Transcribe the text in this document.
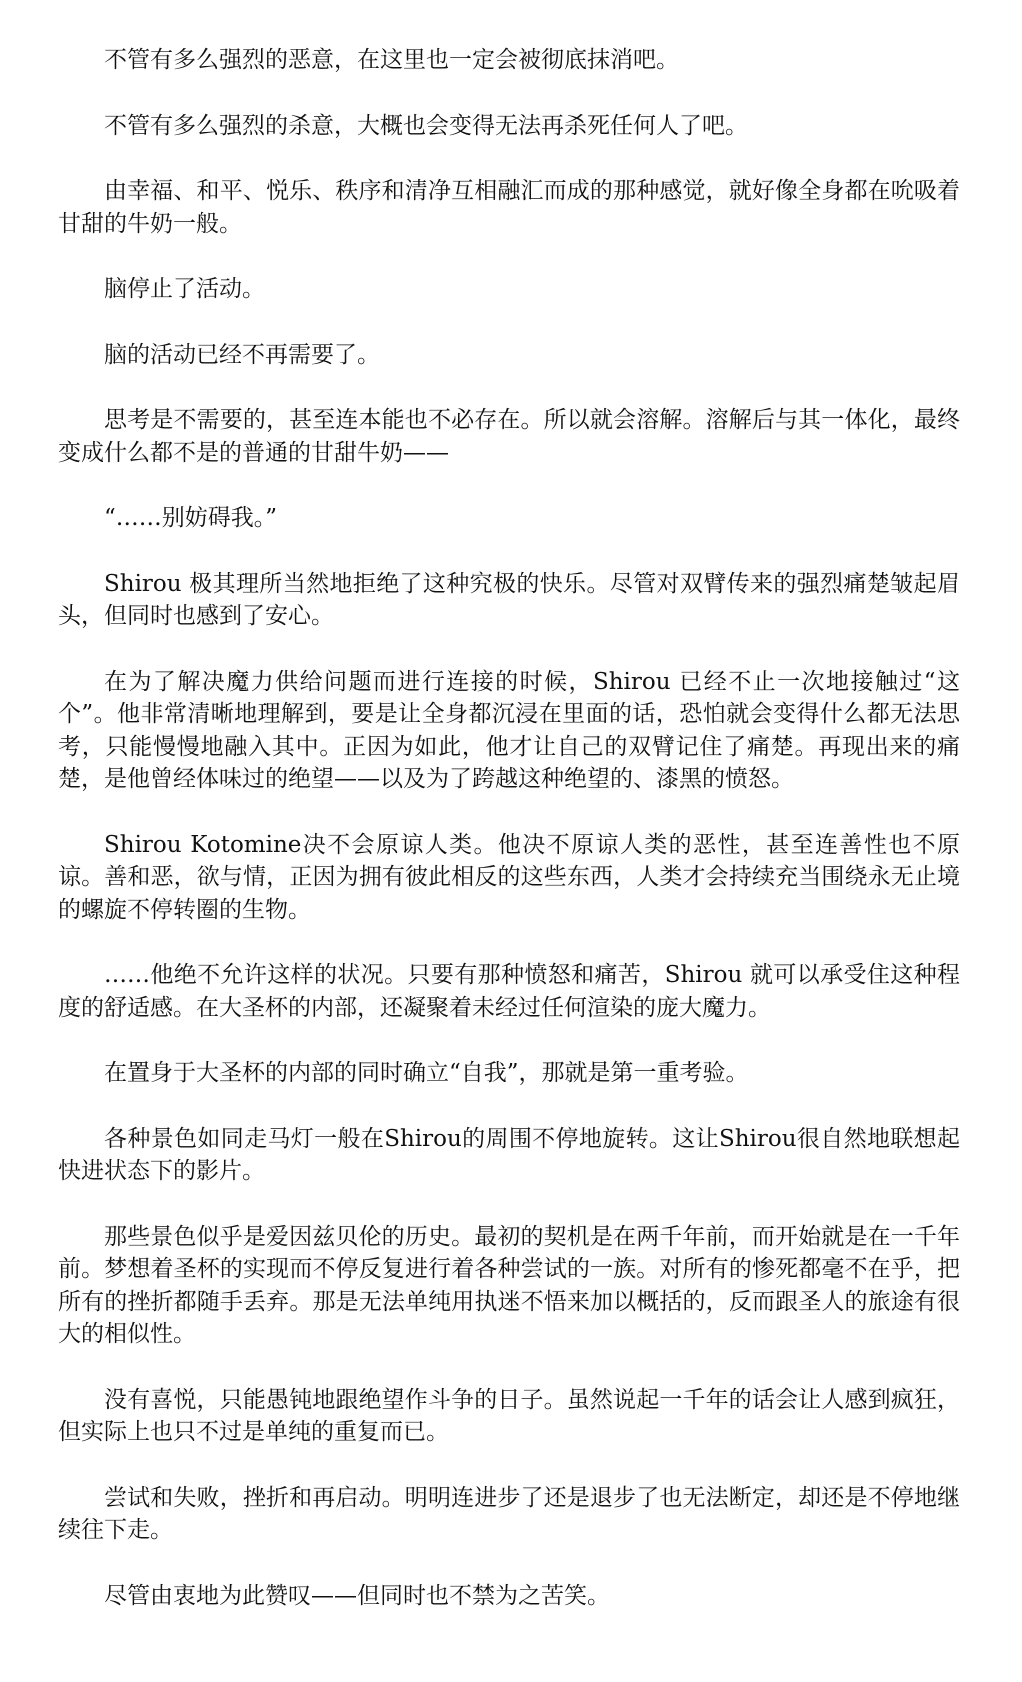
不管有多么强烈的恶意，在这里也一定会被彻底抹消吧。

不管有多么强烈的杀意，大概也会变得无法再杀死任何人了吧。

由幸福、和平、悦乐、秩序和清净互相融汇而成的那种感觉，就好像全身都在吮吸着甘甜的牛奶一般。

脑停止了活动。

脑的活动已经不再需要了。

思考是不需要的，甚至连本能也不必存在。所以就会溶解。溶解后与其一体化，最终变成什么都不是的普通的甘甜牛奶——

“……别妨碍我。”

Shirou 极其理所当然地拒绝了这种究极的快乐。尽管对双臂传来的强烈痛楚皱起眉头，但同时也感到了安心。

在为了解决魔力供给问题而进行连接的时候，Shirou 已经不止一次地接触过“这个”。他非常清晰地理解到，要是让全身都沉浸在里面的话，恐怕就会变得什么都无法思考，只能慢慢地融入其中。正因为如此，他才让自己的双臂记住了痛楚。再现出来的痛楚，是他曾经体味过的绝望——以及为了跨越这种绝望的、漆黑的愤怒。

Shirou Kotomine决不会原谅人类。他决不原谅人类的恶性，甚至连善性也不原谅。善和恶，欲与情，正因为拥有彼此相反的这些东西，人类才会持续充当围绕永无止境的螺旋不停转圈的生物。

……他绝不允许这样的状况。只要有那种愤怒和痛苦，Shirou 就可以承受住这种程度的舒适感。在大圣杯的内部，还凝聚着未经过任何渲染的庞大魔力。

在置身于大圣杯的内部的同时确立“自我”，那就是第一重考验。

各种景色如同走马灯一般在Shirou的周围不停地旋转。这让Shirou很自然地联想起快进状态下的影片。

那些景色似乎是爱因兹贝伦的历史。最初的契机是在两千年前，而开始就是在一千年前。梦想着圣杯的实现而不停反复进行着各种尝试的一族。对所有的惨死都毫不在乎，把所有的挫折都随手丢弃。那是无法单纯用执迷不悟来加以概括的，反而跟圣人的旅途有很大的相似性。

没有喜悦，只能愚钝地跟绝望作斗争的日子。虽然说起一千年的话会让人感到疯狂，但实际上也只不过是单纯的重复而已。

尝试和失败，挫折和再启动。明明连进步了还是退步了也无法断定，却还是不停地继续往下走。

尽管由衷地为此赞叹——但同时也不禁为之苦笑。
